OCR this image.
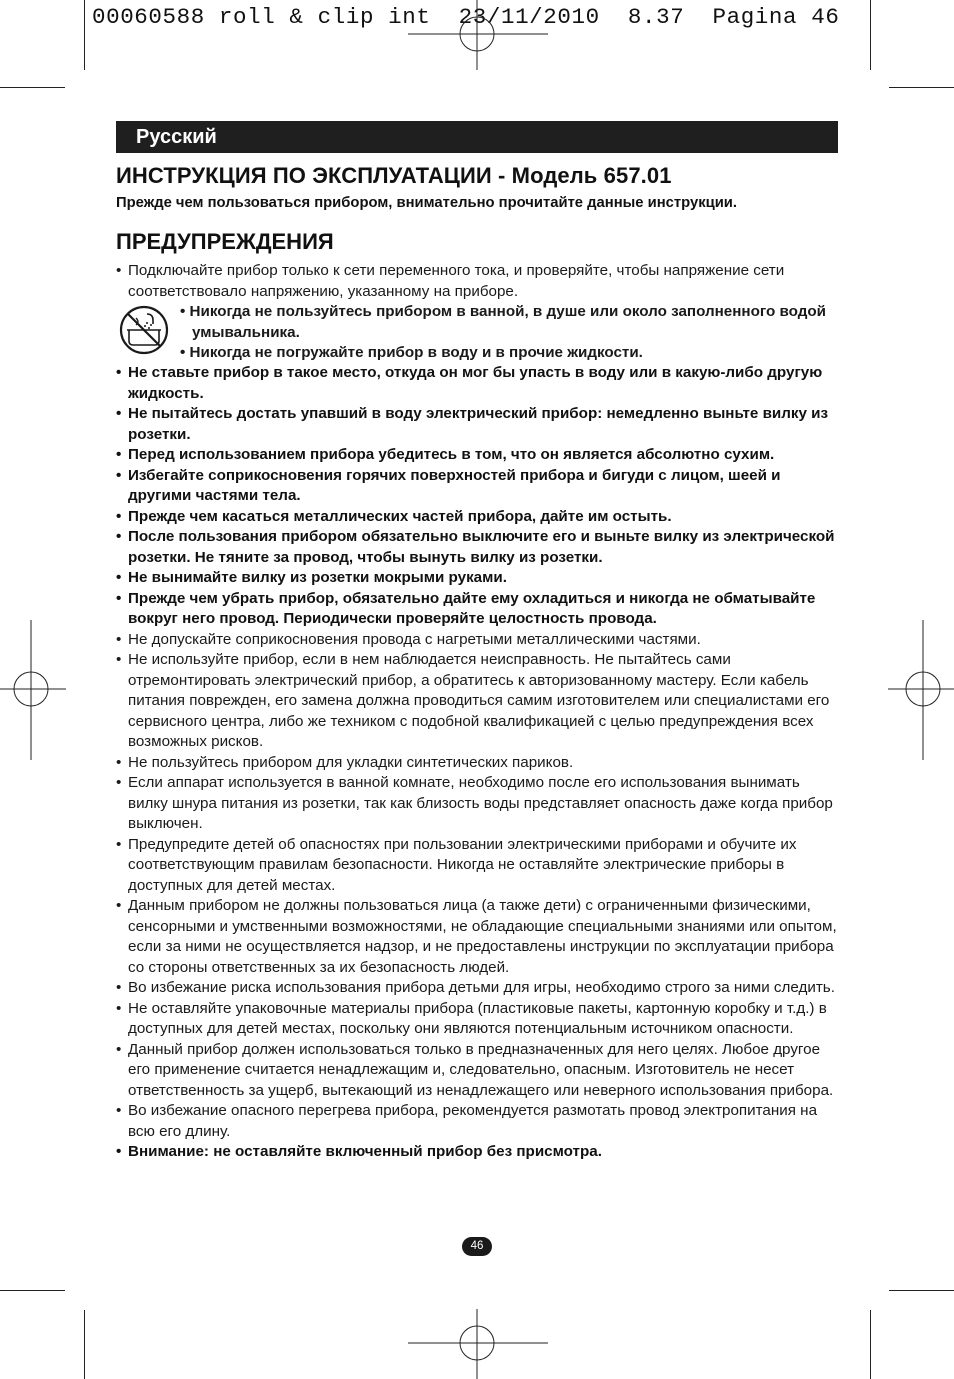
00060588 roll & clip int  23/11/2010  8.37  Pagina 46
Русский
ИНСТРУКЦИЯ ПО ЭКСПЛУАТАЦИИ - Модель 657.01
Прежде чем пользоваться прибором, внимательно прочитайте данные инструкции.
ПРЕДУПРЕЖДЕНИЯ
• Подключайте прибор только к сети переменного тока, и проверяйте, чтобы напряжение сети соответствовало напряжению, указанному на приборе.
• Никогда не пользуйтесь прибором в ванной, в душе или около заполненного водой умывальника.
• Никогда не погружайте прибор в воду и в прочие жидкости.
• Не ставьте прибор в такое место, откуда он мог бы упасть в воду или в какую-либо другую жидкость.
• Не пытайтесь достать упавший в воду электрический прибор: немедленно выньте вилку из розетки.
• Перед использованием прибора убедитесь в том, что он является абсолютно сухим.
• Избегайте соприкосновения горячих поверхностей прибора и бигуди с лицом, шеей и другими частями тела.
• Прежде чем касаться металлических частей прибора, дайте им остыть.
• После пользования прибором обязательно выключите его и выньте вилку из электрической розетки. Не тяните за провод, чтобы вынуть вилку из розетки.
• Не вынимайте вилку из розетки мокрыми руками.
• Прежде чем убрать прибор, обязательно дайте ему охладиться и никогда не обматывайте вокруг него провод. Периодически проверяйте целостность провода.
• Не допускайте соприкосновения провода с нагретыми металлическими частями.
• Не используйте прибор, если в нем наблюдается неисправность. Не пытайтесь сами отремонтировать электрический прибор, а обратитесь к авторизованному мастеру. Если кабель питания поврежден, его замена должна проводиться самим изготовителем или специалистами его сервисного центра, либо же техником с подобной квалификацией с целью предупреждения всех возможных рисков.
• Не пользуйтесь прибором для укладки синтетических париков.
• Если аппарат используется в ванной комнате, необходимо после его использования вынимать вилку шнура питания из розетки, так как близость воды представляет опасность даже когда прибор выключен.
• Предупредите детей об опасностях при пользовании электрическими приборами и обучите их соответствующим правилам безопасности. Никогда не оставляйте электрические приборы в доступных для детей местах.
• Данным прибором не должны пользоваться лица (а также дети) с ограниченными физическими, сенсорными и умственными возможностями, не обладающие специальными знаниями или опытом, если за ними не осуществляется надзор, и не предоставлены инструкции по эксплуатации прибора со стороны ответственных за их безопасность людей.
• Во избежание риска использования прибора детьми для игры, необходимо строго за ними следить.
• Не оставляйте упаковочные материалы прибора (пластиковые пакеты, картонную коробку и т.д.) в доступных для детей местах, поскольку они являются потенциальным источником опасности.
• Данный прибор должен использоваться только в предназначенных для него целях. Любое другое его применение считается ненадлежащим и, следовательно, опасным. Изготовитель не несет ответственность за ущерб, вытекающий из ненадлежащего или неверного использования прибора.
• Во избежание опасного перегрева прибора, рекомендуется размотать провод электропитания на всю его длину.
• Внимание: не оставляйте включенный прибор без присмотра.
46
